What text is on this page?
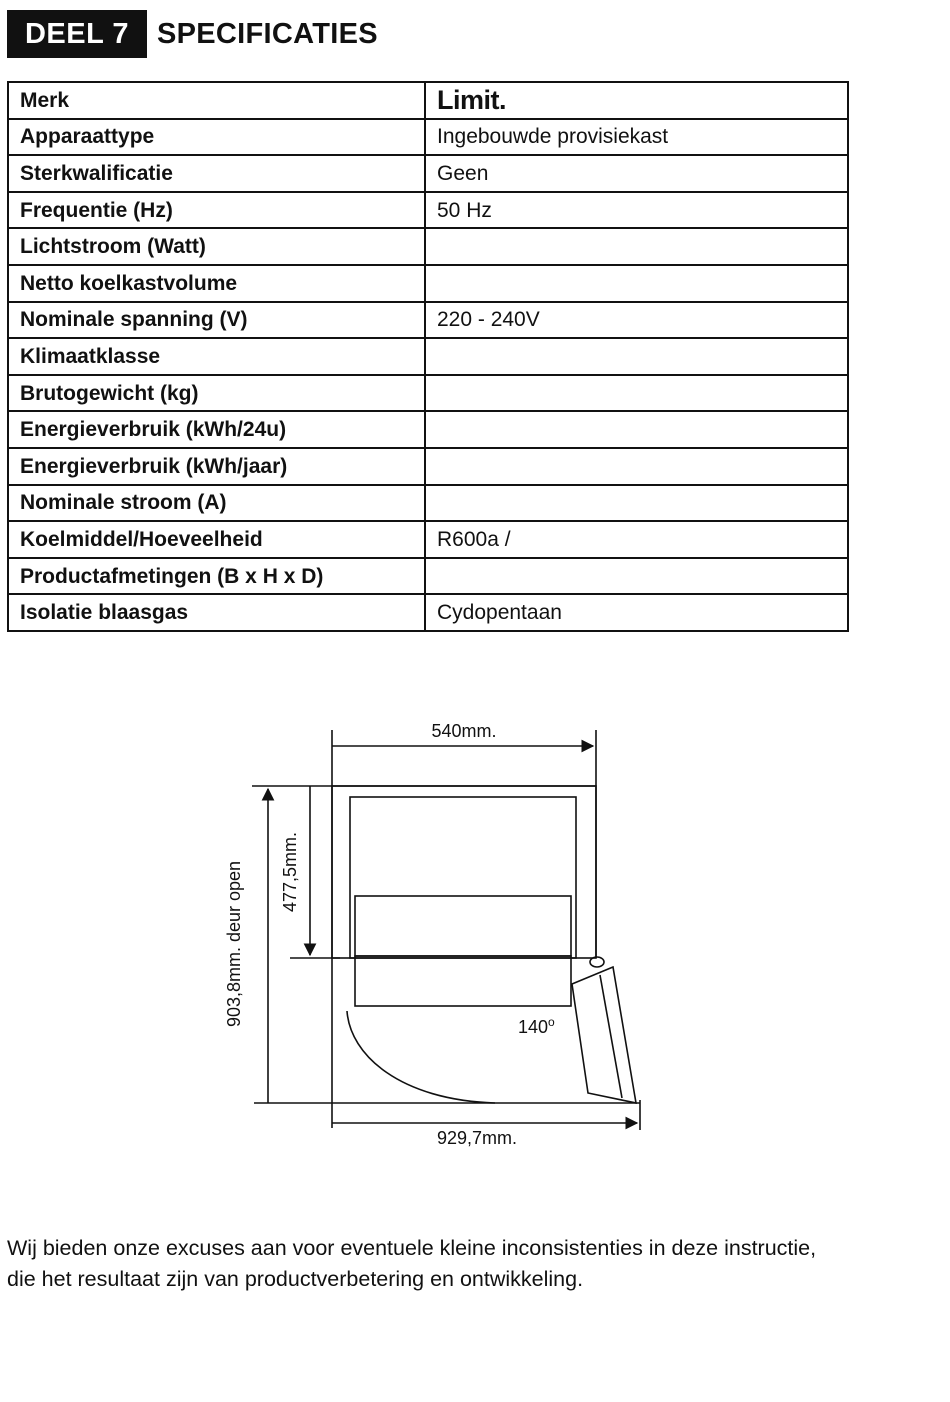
DEEL 7 SPECIFICATIES
Merk	Limit.
Apparaattype	Ingebouwde provisiekast
Sterkwalificatie	Geen
Frequentie (Hz)	50 Hz
Lichtstroom (Watt)	
Netto koelkastvolume	
Nominale spanning (V)	220 - 240V
Klimaatklasse	
Brutogewicht (kg)	
Energieverbruik (kWh/24u)	
Energieverbruik (kWh/jaar)	
Nominale stroom (A)	
Koelmiddel/Hoeveelheid	R600a /
Productafmetingen (B x H x D)	
Isolatie blaasgas	Cydopentaan
540mm.
477,5mm.
903,8mm. deur open	140$^o$
929,7mm.

Wij bieden onze excuses aan voor eventuele kleine inconsistenties in deze instructie,

die het resultaat zijn van productverbetering en ontwikkeling.
